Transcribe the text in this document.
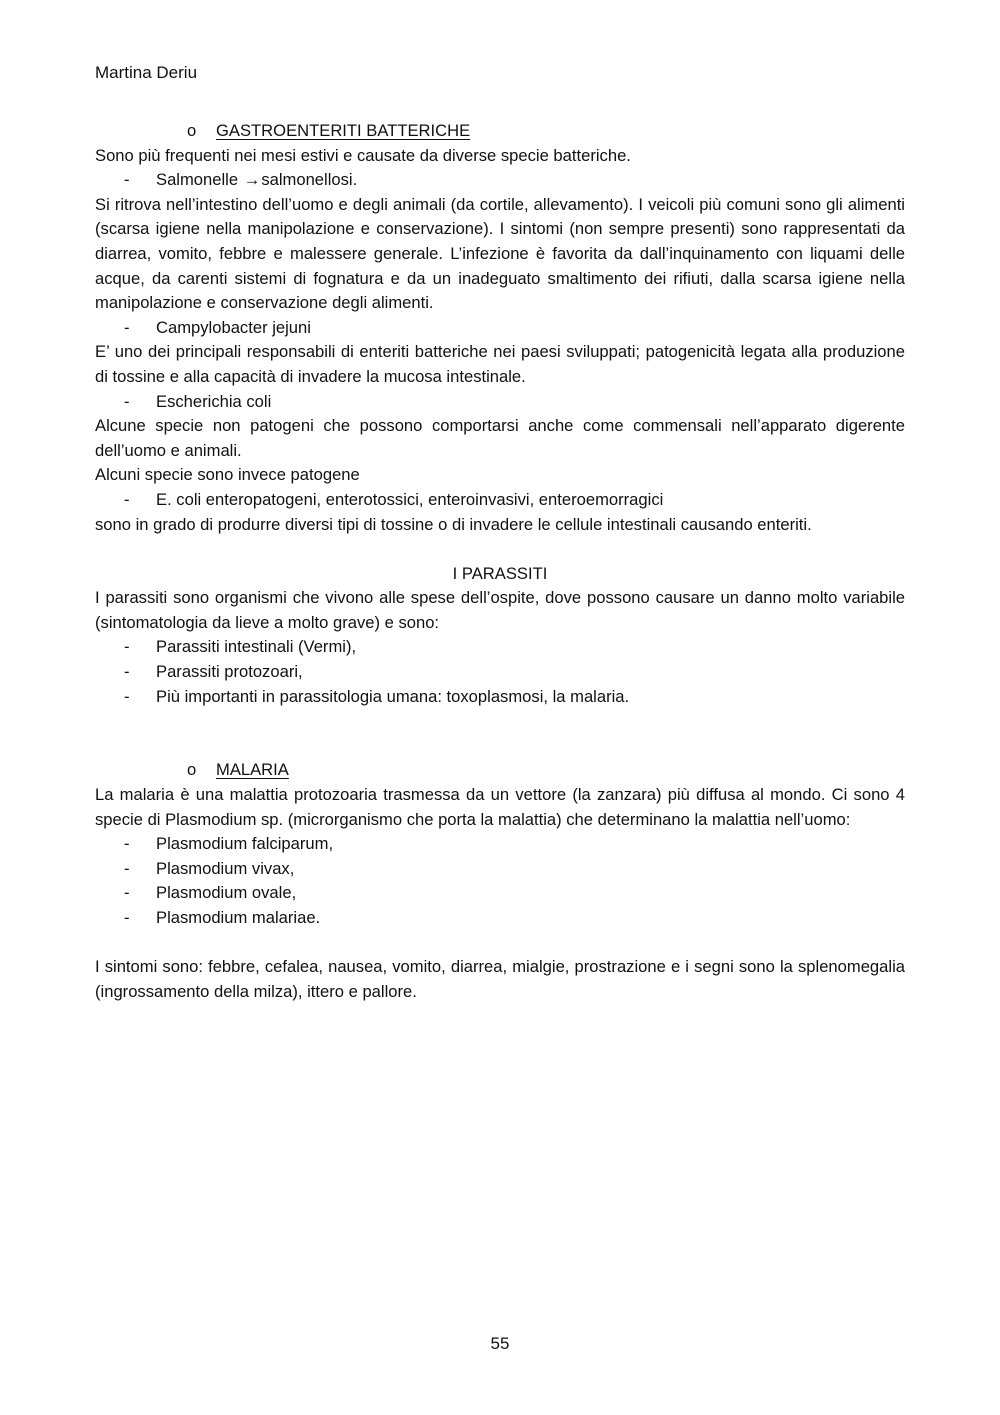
Martina Deriu

o GASTROENTERITI BATTERICHE

Sono più frequenti nei mesi estivi e causate da diverse specie batteriche.

- Salmonelle →salmonellosi.

Si ritrova nell’intestino dell’uomo e degli animali (da cortile, allevamento). I veicoli più comuni sono gli alimenti (scarsa igiene nella manipolazione e conservazione). I sintomi (non sempre presenti) sono rappresentati da diarrea, vomito, febbre e malessere generale. L’infezione è favorita da dall’inquinamento con liquami delle acque, da carenti sistemi di fognatura e da un inadeguato smaltimento dei rifiuti, dalla scarsa igiene nella manipolazione e conservazione degli alimenti.

- Campylobacter jejuni

E’ uno dei principali responsabili di enteriti batteriche nei paesi sviluppati; patogenicità legata alla produzione di tossine e alla capacità di invadere la mucosa intestinale.

- Escherichia coli

Alcune specie non patogeni che possono comportarsi anche come commensali nell’apparato digerente dell’uomo e animali.

Alcuni specie sono invece patogene

- E. coli enteropatogeni, enterotossici, enteroinvasivi, enteroemorragici

sono in grado di produrre diversi tipi di tossine o di invadere le cellule intestinali causando enteriti.

I PARASSITI

I parassiti sono organismi che vivono alle spese dell’ospite, dove possono causare un danno molto variabile (sintomatologia da lieve a molto grave) e sono:

- Parassiti intestinali (Vermi),

- Parassiti protozoari,

- Più importanti in parassitologia umana: toxoplasmosi, la malaria.

o MALARIA

La malaria è una malattia protozoaria trasmessa da un vettore (la zanzara) più diffusa al mondo. Ci sono 4 specie di Plasmodium sp. (microrganismo che porta la malattia) che determinano la malattia nell’uomo:

- Plasmodium falciparum,

- Plasmodium vivax,

- Plasmodium ovale,

- Plasmodium malariae.

I sintomi sono: febbre, cefalea, nausea, vomito, diarrea, mialgie, prostrazione e i segni sono la splenomegalia (ingrossamento della milza), ittero e pallore.

55
